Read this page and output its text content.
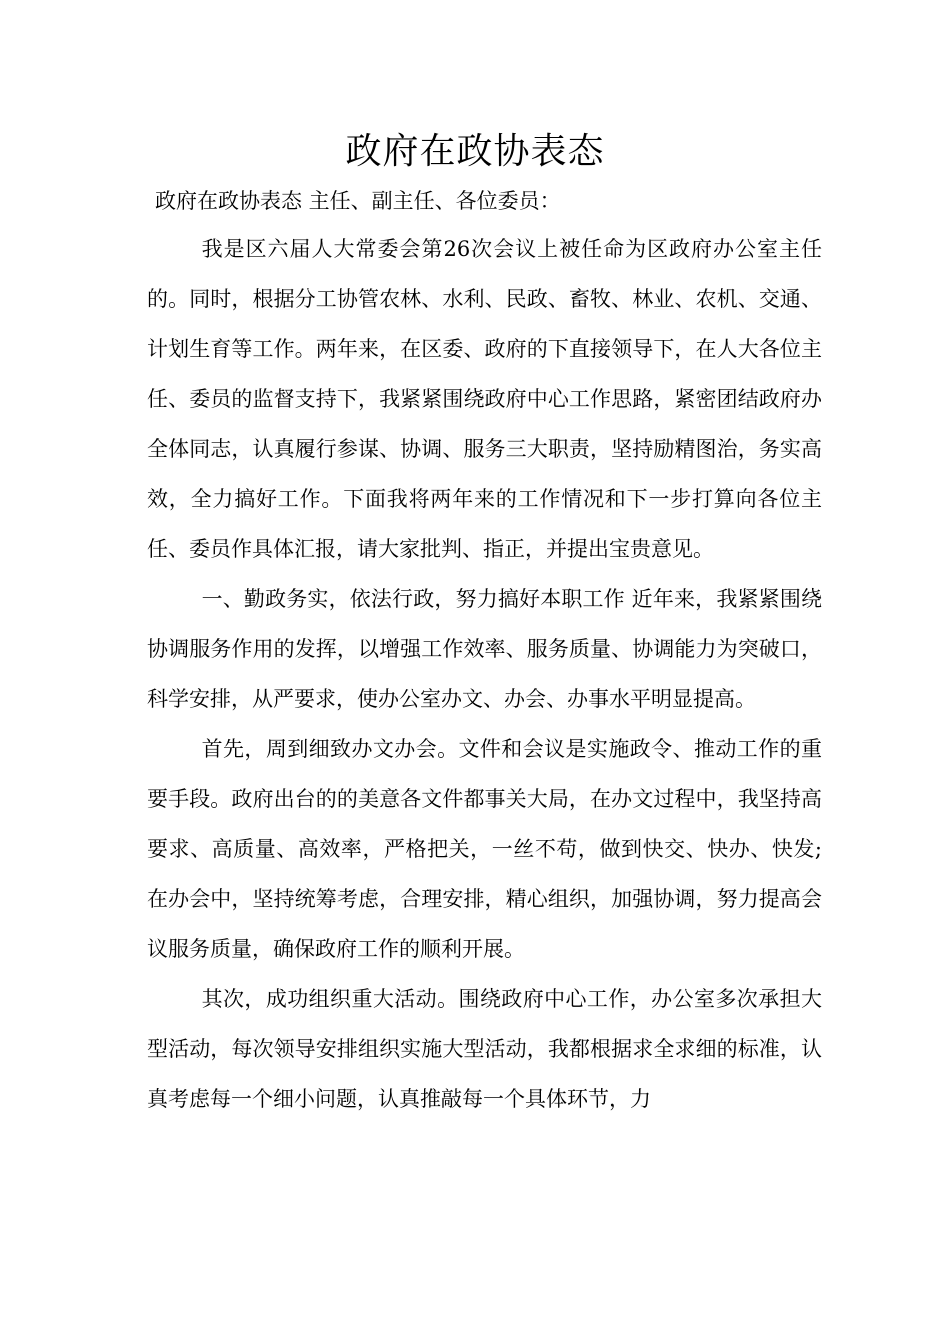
政府在政协表态

政府在政协表态 主任、副主任、各位委员：

我是区六届人大常委会第26次会议上被任命为区政府办公室主任的。同时，根据分工协管农林、水利、民政、畜牧、林业、农机、交通、计划生育等工作。两年来，在区委、政府的下直接领导下，在人大各位主任、委员的监督支持下，我紧紧围绕政府中心工作思路，紧密团结政府办全体同志，认真履行参谋、协调、服务三大职责，坚持励精图治，务实高效，全力搞好工作。下面我将两年来的工作情况和下一步打算向各位主任、委员作具体汇报，请大家批判、指正，并提出宝贵意见。

一、勤政务实，依法行政，努力搞好本职工作 近年来，我紧紧围绕协调服务作用的发挥，以增强工作效率、服务质量、协调能力为突破口，科学安排，从严要求，使办公室办文、办会、办事水平明显提高。

首先，周到细致办文办会。文件和会议是实施政令、推动工作的重要手段。政府出台的的美意各文件都事关大局，在办文过程中，我坚持高要求、高质量、高效率，严格把关，一丝不苟，做到快交、快办、快发;在办会中，坚持统筹考虑，合理安排，精心组织，加强协调，努力提高会议服务质量，确保政府工作的顺利开展。

其次，成功组织重大活动。围绕政府中心工作，办公室多次承担大型活动，每次领导安排组织实施大型活动，我都根据求全求细的标准，认真考虑每一个细小问题，认真推敲每一个具体环节，力
